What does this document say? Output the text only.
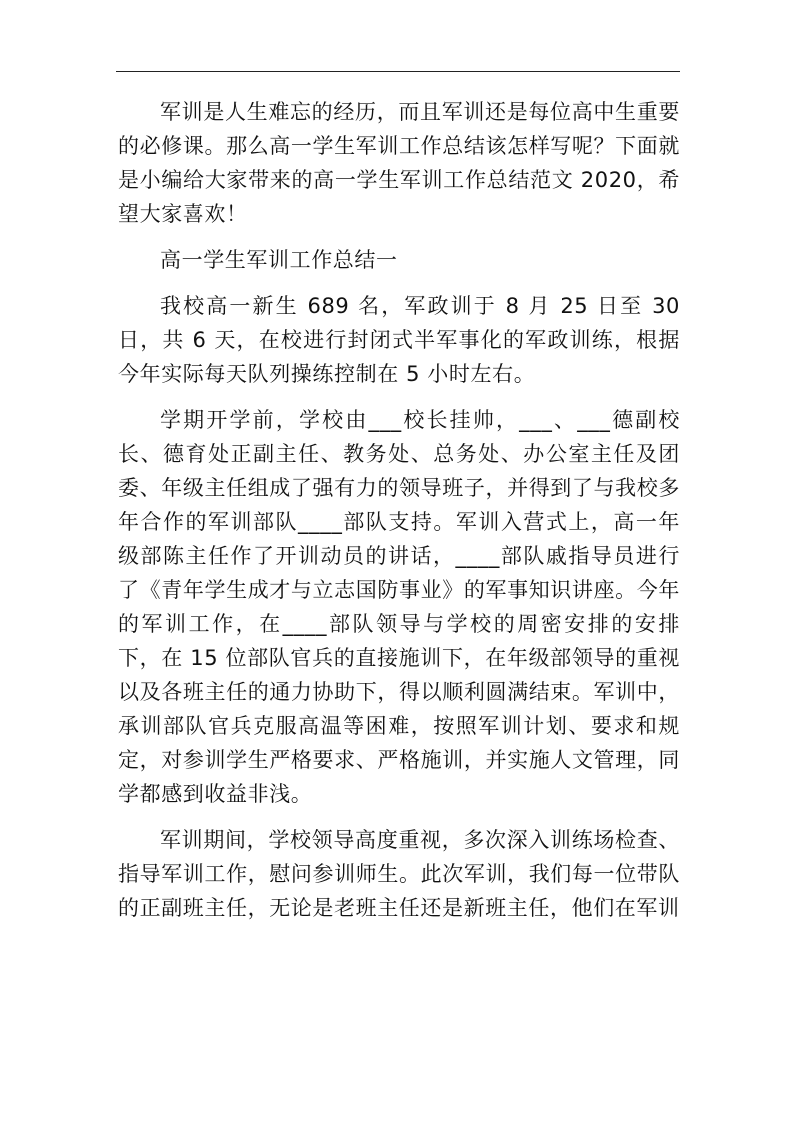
军训是人生难忘的经历，而且军训还是每位高中生重要的必修课。那么高一学生军训工作总结该怎样写呢？下面就是小编给大家带来的高一学生军训工作总结范文 2020，希望大家喜欢！

高一学生军训工作总结一

我校高一新生 689 名，军政训于 8 月 25 日至 30 日，共 6 天，在校进行封闭式半军事化的军政训练，根据今年实际每天队列操练控制在 5 小时左右。

学期开学前，学校由___校长挂帅，___、___德副校长、德育处正副主任、教务处、总务处、办公室主任及团委、年级主任组成了强有力的领导班子，并得到了与我校多年合作的军训部队____部队支持。军训入营式上，高一年级部陈主任作了开训动员的讲话，____部队戚指导员进行了《青年学生成才与立志国防事业》的军事知识讲座。今年的军训工作，在____部队领导与学校的周密安排的安排下，在 15 位部队官兵的直接施训下，在年级部领导的重视以及各班主任的通力协助下，得以顺利圆满结束。军训中，承训部队官兵克服高温等困难，按照军训计划、要求和规定，对参训学生严格要求、严格施训，并实施人文管理，同学都感到收益非浅。

军训期间，学校领导高度重视，多次深入训练场检查、指导军训工作，慰问参训师生。此次军训，我们每一位带队的正副班主任，无论是老班主任还是新班主任，他们在军训
